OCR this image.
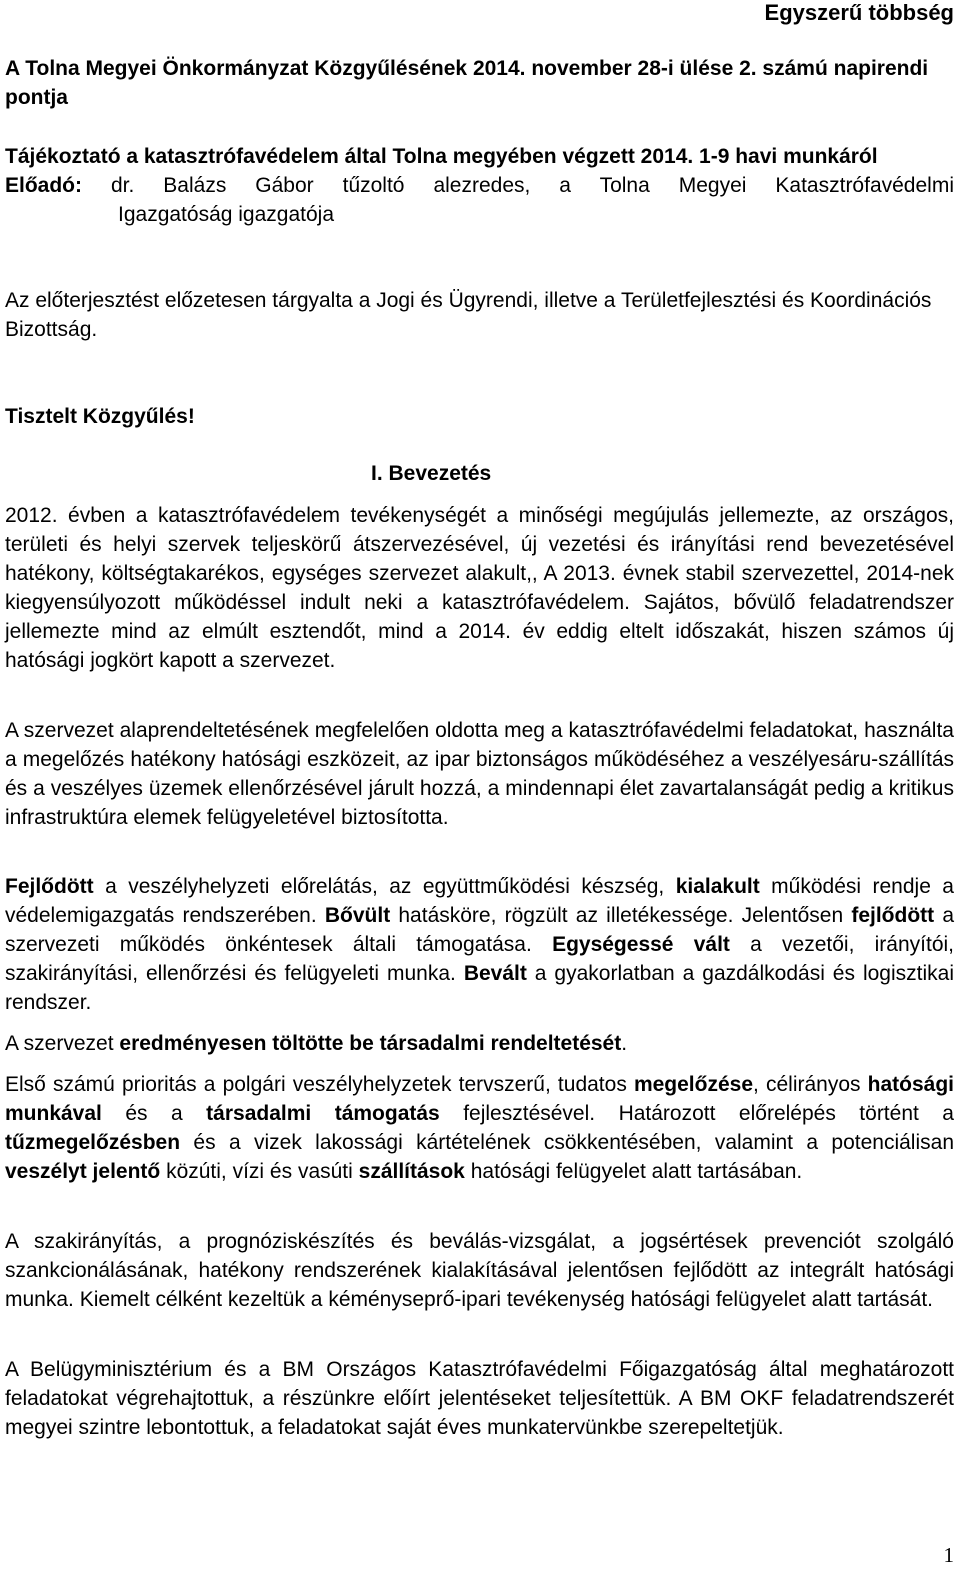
Egyszerű többség

A Tolna Megyei Önkormányzat Közgyűlésének 2014. november 28-i ülése 2. számú napirendi pontja

Tájékoztató a katasztrófavédelem által Tolna megyében végzett 2014. 1-9 havi munkáról

Előadó: dr. Balázs Gábor tűzoltó alezredes, a Tolna Megyei Katasztrófavédelmi
Igazgatóság igazgatója

Az előterjesztést előzetesen tárgyalta a Jogi és Ügyrendi, illetve a Területfejlesztési és Koordinációs Bizottság.

Tisztelt Közgyűlés!

I. Bevezetés

2012. évben a katasztrófavédelem tevékenységét a minőségi megújulás jellemezte, az országos, területi és helyi szervek teljeskörű átszervezésével, új vezetési és irányítási rend bevezetésével hatékony, költségtakarékos, egységes szervezet alakult,, A 2013. évnek stabil szervezettel, 2014-nek kiegyensúlyozott működéssel indult neki a katasztrófavédelem. Sajátos, bővülő feladatrendszer jellemezte mind az elmúlt esztendőt, mind a 2014. év eddig eltelt időszakát, hiszen számos új hatósági jogkört kapott a szervezet.

A szervezet alaprendeltetésének megfelelően oldotta meg a katasztrófavédelmi feladatokat, használta a megelőzés hatékony hatósági eszközeit, az ipar biztonságos működéséhez a veszélyesáru-szállítás és a veszélyes üzemek ellenőrzésével járult hozzá, a mindennapi élet zavartalanságát pedig a kritikus infrastruktúra elemek felügyeletével biztosította.

Fejlődött a veszélyhelyzeti előrelátás, az együttműködési készség, kialakult működési rendje a védelemigazgatás rendszerében. Bővült hatásköre, rögzült az illetékessége. Jelentősen fejlődött a szervezeti működés önkéntesek általi támogatása. Egységessé vált a vezetői, irányítói, szakirányítási, ellenőrzési és felügyeleti munka. Bevált a gyakorlatban a gazdálkodási és logisztikai rendszer.

A szervezet eredményesen töltötte be társadalmi rendeltetését.

Első számú prioritás a polgári veszélyhelyzetek tervszerű, tudatos megelőzése, célirányos hatósági munkával és a társadalmi támogatás fejlesztésével. Határozott előrelépés történt a tűzmegelőzésben és a vizek lakossági kártételének csökkentésében, valamint a potenciálisan veszélyt jelentő közúti, vízi és vasúti szállítások hatósági felügyelet alatt tartásában.

A szakirányítás, a prognóziskészítés és beválás-vizsgálat, a jogsértések prevenciót szolgáló szankcionálásának, hatékony rendszerének kialakításával jelentősen fejlődött az integrált hatósági munka. Kiemelt célként kezeltük a kéményseprő-ipari tevékenység hatósági felügyelet alatt tartását.

A Belügyminisztérium és a BM Országos Katasztrófavédelmi Főigazgatóság által meghatározott feladatokat végrehajtottuk, a részünkre előírt jelentéseket teljesítettük. A BM OKF feladatrendszerét megyei szintre lebontottuk, a feladatokat saját éves munkatervünkbe szerepeltetjük.

1
